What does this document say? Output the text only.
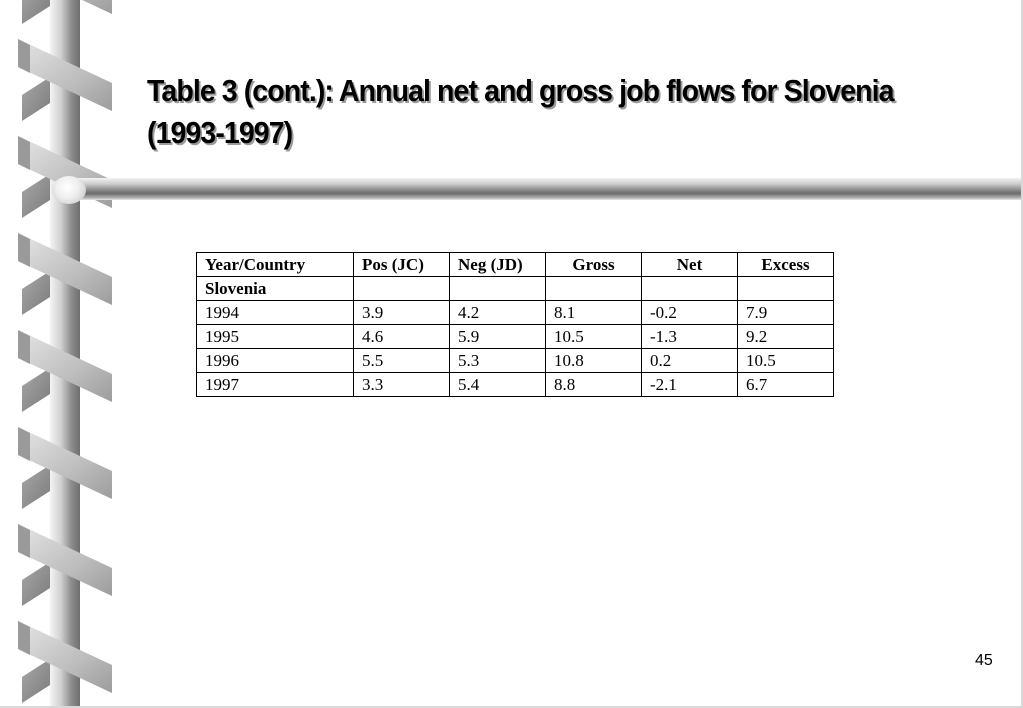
Table 3 (cont.): Annual net and gross job flows for Slovenia (1993-1997)
Year/Country	Pos (JC)	Neg (JD)	Gross	Net	Excess
Slovenia					
1994	3.9	4.2	8.1	-0.2	7.9
1995	4.6	5.9	10.5	-1.3	9.2
1996	5.5	5.3	10.8	0.2	10.5
1997	3.3	5.4	8.8	-2.1	6.7
45
